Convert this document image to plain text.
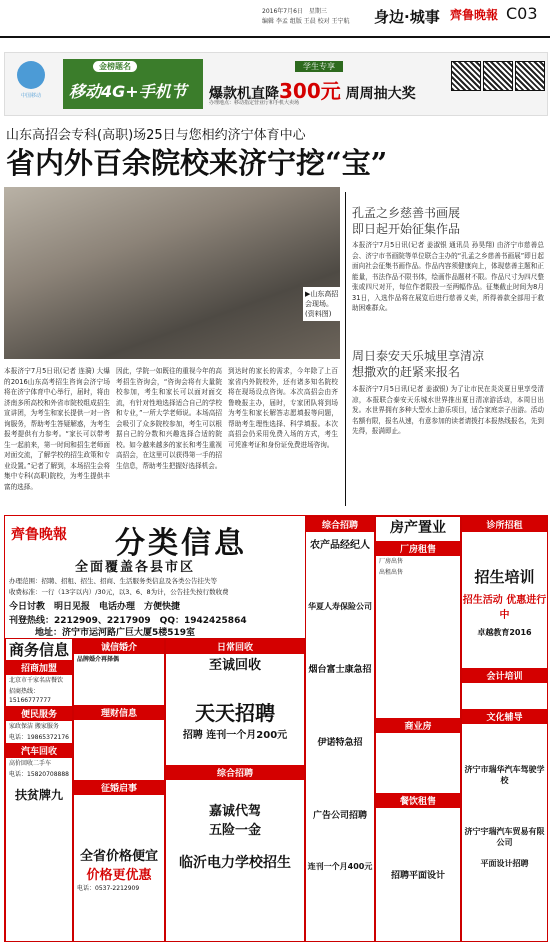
2016年7月6日　星期三
编辑 李孟 组版 王晨 校对 王宁航 身边·城事 齊鲁晚報 C03
中国移动
金榜题名
移动4G+手机节
学生专享
爆款机直降300元 周周抽大奖
办理地点：移动指定营业厅和手机大卖场
山东高招会专科(高职)场25日与您相约济宁体育中心
省内外百余院校来济宁挖“宝”
▶山东高招会现场。(资料图)
本报济宁7月5日讯(记者 连漪) 大爆的2016山东高考招生咨询会济宁场将在济宁体育中心举行，届时，将由济南多所高校和外省市院校组成招生宣讲团，为考生和家长提供一对一咨询服务，帮助考生答疑解惑，为考生报考提供有力参考。“家长可以带考生一起前来，第一时间和招生老师面对面交流，了解学校的招生政策和专业设置。”记者了解到，本场招生会将集中专科(高职)院校，为考生提供丰富的选择。
因此，学院一如既往的重视今年的高考招生咨询会，“咨询会将有大量院校参加，考生和家长可以面对面交流，有针对性地选择适合自己的学校和专业，”一所大学老师说。本场高招会吸引了众多院校参加，考生可以根据自己的分数和兴趣选择合适的院校。如今越来越多的家长和考生重视高招会，在这里可以获得第一手的招生信息，帮助考生把握好选择机会。
到达时的家长的需求，今年除了上百家省内外院校外，还有诸多知名院校将在现场设点咨询。本次高招会由齐鲁晚报主办，届时，专家团队将到场为考生和家长解答志愿填报等问题，帮助考生理性选择、科学填报。本次高招会仍采用免费入场的方式，考生可凭准考证和身份证免费进场咨询。
孔孟之乡慈善书画展
即日起开始征集作品
本报济宁7月5日讯(记者 姜淑银 通讯员 孙昊翔) 由济宁市慈善总会、济宁市书画院等单位联合主办的“孔孟之乡慈善书画展”即日起面向社会征集书画作品。作品内容须健康向上，体现慈善主题和正能量，书法作品不限书体，绘画作品题材不限。作品尺寸为四尺整张或四尺对开，每位作者限投一至两幅作品。征集截止时间为8月31日，入选作品将在展览后进行慈善义卖，所得善款全部用于救助困难群众。
周日泰安天乐城里享清凉
想撒欢的赶紧来报名
本报济宁7月5日讯(记者 姜淑银) 为了让市民在炎炎夏日里享受清凉，本报联合泰安天乐城水世界推出夏日清凉游活动，本周日出发。水世界拥有多种大型水上游乐项目，适合家庭亲子出游。活动名额有限，报名从速，有意参加的读者请拨打本报热线报名，先到先得，报满即止。
齊鲁晚報 分类信息
全面覆盖各县市区
办理范围：招聘、招租、招生、招商、生活服务类信息及各类公告挂失等
收费标准：一行（13字以内）/30元，以3、6、8为计，公告挂失按行数收费
今日讨教　明日见报　电话办理　方便快捷
刊登热线：2212909、2217909　QQ：1942425864
地址：济宁市运河路广巨大厦5楼519室
商务信息
招商加盟
北京市千家名店餐饮
招商热线：15166777777
便民服务
家政保洁 搬家服务
电话：19865372176
汽车回收
高价回收二手车
电话：15820708888
扶贫牌九
诚信婚介
品牌婚介再择偶
理财信息
征婚启事
全省价格便宜
价格更优惠
电话：0537-2212909
日常回收
至诚回收
天天招聘
招聘 连刊一个月200元
综合招聘
嘉诚代驾
五险一金
临沂电力学校招生
综合招聘
农产品经纪人
华夏人寿保险公司
烟台富士康急招
伊诺特急招
广告公司招聘
连刊一个月400元
房产置业
厂房租售
厂房出售
出租出售
商业房
餐饮租售
招聘平面设计
诊所招租
招生培训
招生活动 优惠进行中
卓越教育2016
会计培训
文化辅导
济宁市瑞华汽车驾驶学校
济宁宇瑞汽车贸易有限公司
平面设计招聘
